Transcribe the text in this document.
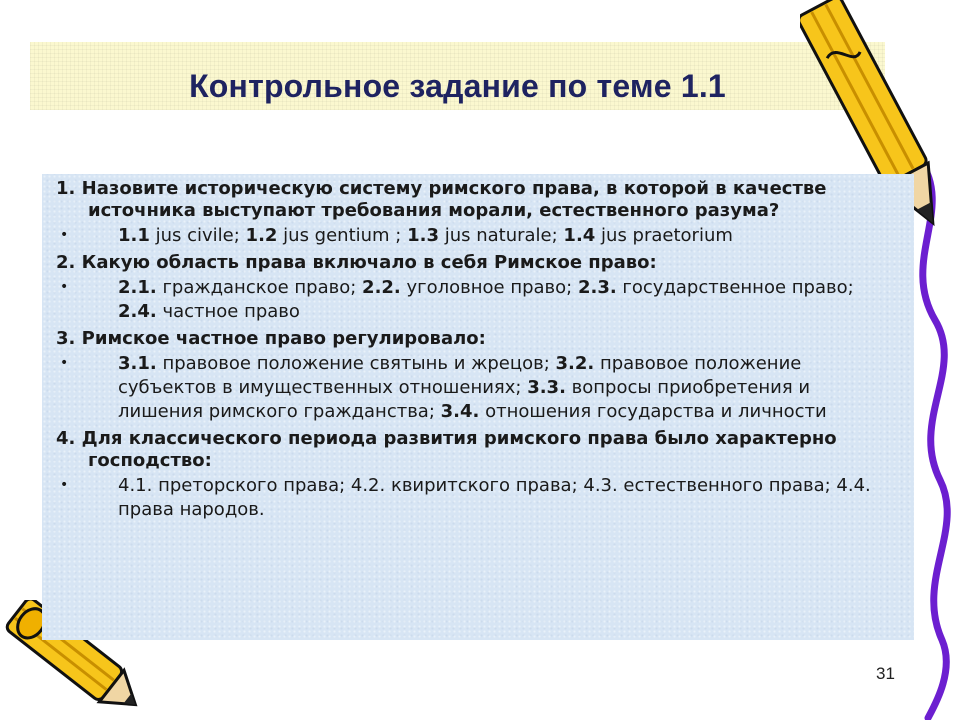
Контрольное задание по теме 1.1

1. Назовите историческую систему римского права, в которой в качестве источника выступают требования морали, естественного разума?

•	1.1 jus civile; 1.2 jus gentium ; 1.3 jus naturale; 1.4 jus praetorium

2. Какую область права включало в себя Римское право:

•	2.1. гражданское право; 2.2. уголовное право; 2.3. государственное право; 2.4. частное право

3. Римское частное право регулировало:

•	3.1. правовое положение святынь и жрецов; 3.2. правовое положение субъектов в имущественных отношениях; 3.3. вопросы приобретения и лишения римского гражданства; 3.4. отношения государства и личности

4. Для классического периода развития римского права было характерно господство:

•	4.1. преторского права; 4.2. квиритского права; 4.3. естественного права; 4.4. права народов.
31
